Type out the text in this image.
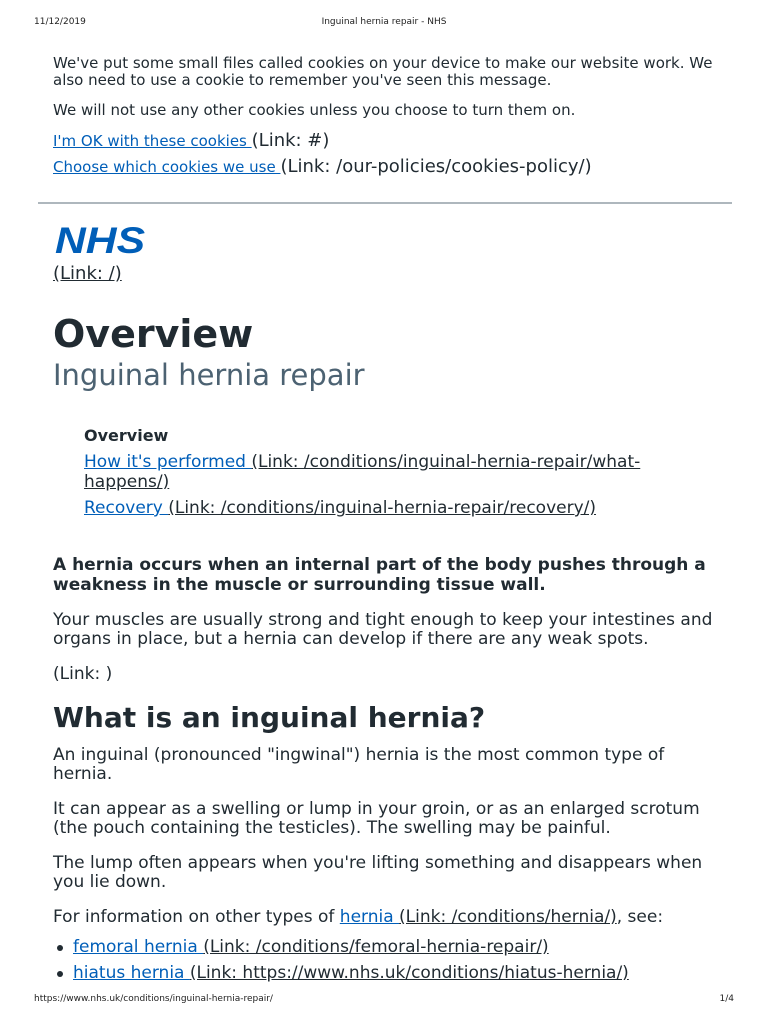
11/12/2019	Inguinal hernia repair - NHS

We've put some small files called cookies on your device to make our website work. We also need to use a cookie to remember you've seen this message.

We will not use any other cookies unless you choose to turn them on.

I'm OK with these cookies (Link: #)

Choose which cookies we use (Link: /our-policies/cookies-policy/)

NHS
(Link: /)
Overview
Inguinal hernia repair
Overview
How it's performed (Link: /conditions/inguinal-hernia-repair/what-happens/)
Recovery (Link: /conditions/inguinal-hernia-repair/recovery/)

A hernia occurs when an internal part of the body pushes through a weakness in the muscle or surrounding tissue wall.

Your muscles are usually strong and tight enough to keep your intestines and organs in place, but a hernia can develop if there are any weak spots.

(Link: )

What is an inguinal hernia?

An inguinal (pronounced "ingwinal") hernia is the most common type of hernia.

It can appear as a swelling or lump in your groin, or as an enlarged scrotum (the pouch containing the testicles). The swelling may be painful.

The lump often appears when you're lifting something and disappears when you lie down.

For information on other types of hernia (Link: /conditions/hernia/), see:

femoral hernia (Link: /conditions/femoral-hernia-repair/)
hiatus hernia (Link: https://www.nhs.uk/conditions/hiatus-hernia/)
https://www.nhs.uk/conditions/inguinal-hernia-repair/	1/4
